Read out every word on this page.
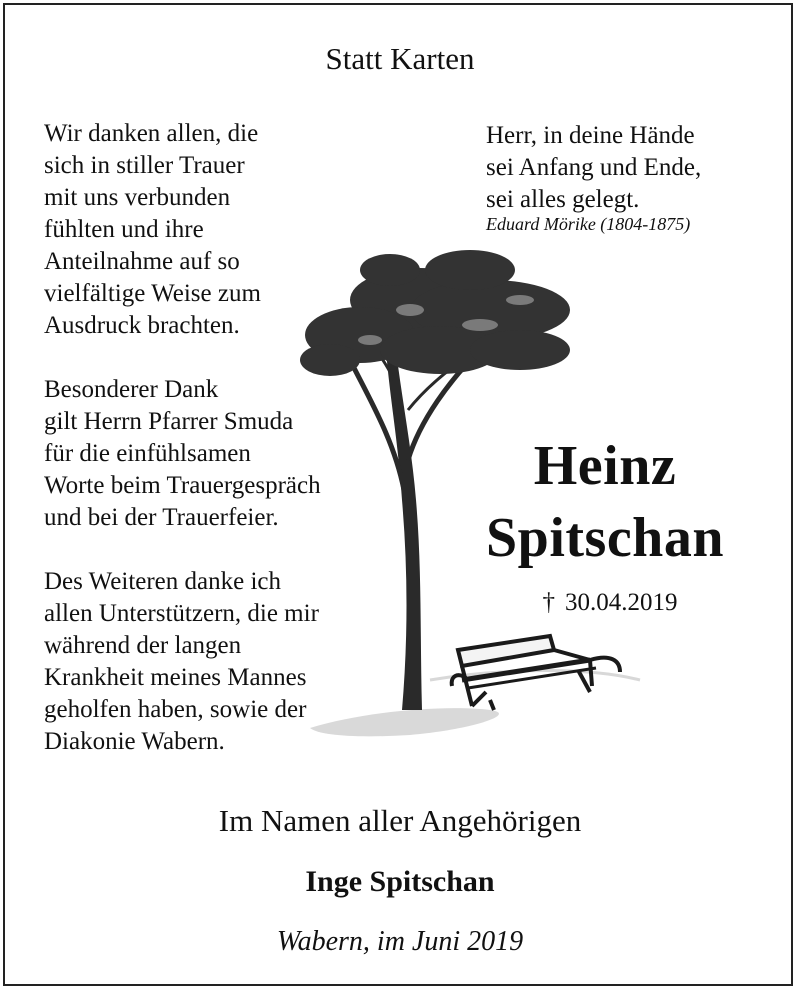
Statt Karten

Wir danken allen, die
sich in stiller Trauer
mit uns verbunden
fühlten und ihre
Anteilnahme auf so
vielfältige Weise zum
Ausdruck brachten.

Besonderer Dank
gilt Herrn Pfarrer Smuda
für die einfühlsamen
Worte beim Trauergespräch
und bei der Trauerfeier.

Des Weiteren danke ich
allen Unterstützern, die mir
während der langen
Krankheit meines Mannes
geholfen haben, sowie der
Diakonie Wabern.

Herr, in deine Hände
sei Anfang und Ende,
sei alles gelegt.
Eduard Mörike (1804-1875)
Heinz
Spitschan
† 30.04.2019
Im Namen aller Angehörigen
Inge Spitschan
Wabern, im Juni 2019
